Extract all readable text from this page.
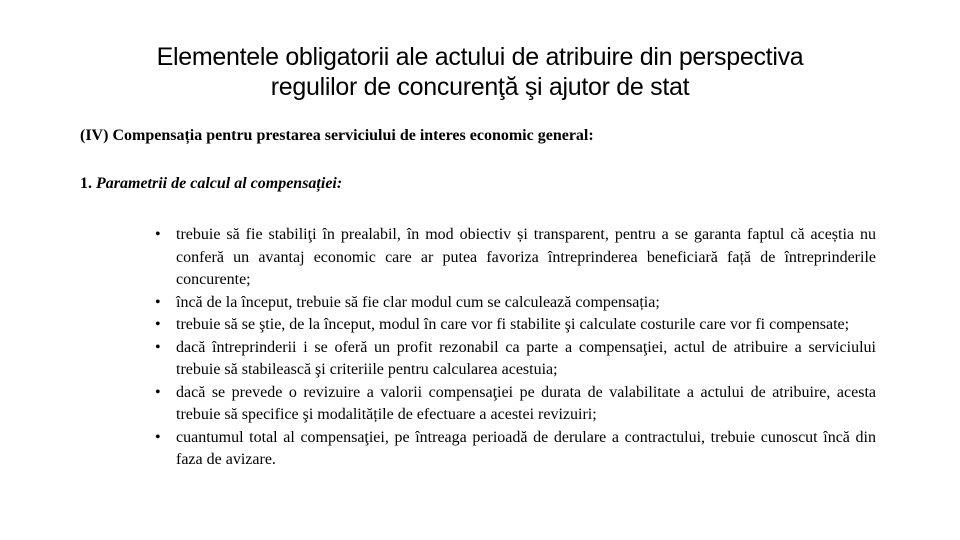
Elementele obligatorii ale actului de atribuire din perspectiva
regulilor de concurenţă şi ajutor de stat
(IV) Compensația pentru prestarea serviciului de interes economic general:
1. Parametrii de calcul al compensației:
• trebuie să fie stabiliţi în prealabil, în mod obiectiv și transparent, pentru a se garanta faptul că aceștia nu conferă un avantaj economic care ar putea favoriza întreprinderea beneficiară față de întreprinderile concurente;
• încă de la început, trebuie să fie clar modul cum se calculează compensația;
• trebuie să se ştie, de la început, modul în care vor fi stabilite şi calculate costurile care vor fi compensate;
• dacă întreprinderii i se oferă un profit rezonabil ca parte a compensaţiei, actul de atribuire a serviciului trebuie să stabilească şi criteriile pentru calcularea acestuia;
• dacă se prevede o revizuire a valorii compensaţiei pe durata de valabilitate a actului de atribuire, acesta trebuie să specifice şi modalitățile de efectuare a acestei revizuiri;
• cuantumul total al compensaţiei, pe întreaga perioadă de derulare a contractului, trebuie cunoscut încă din faza de avizare.
